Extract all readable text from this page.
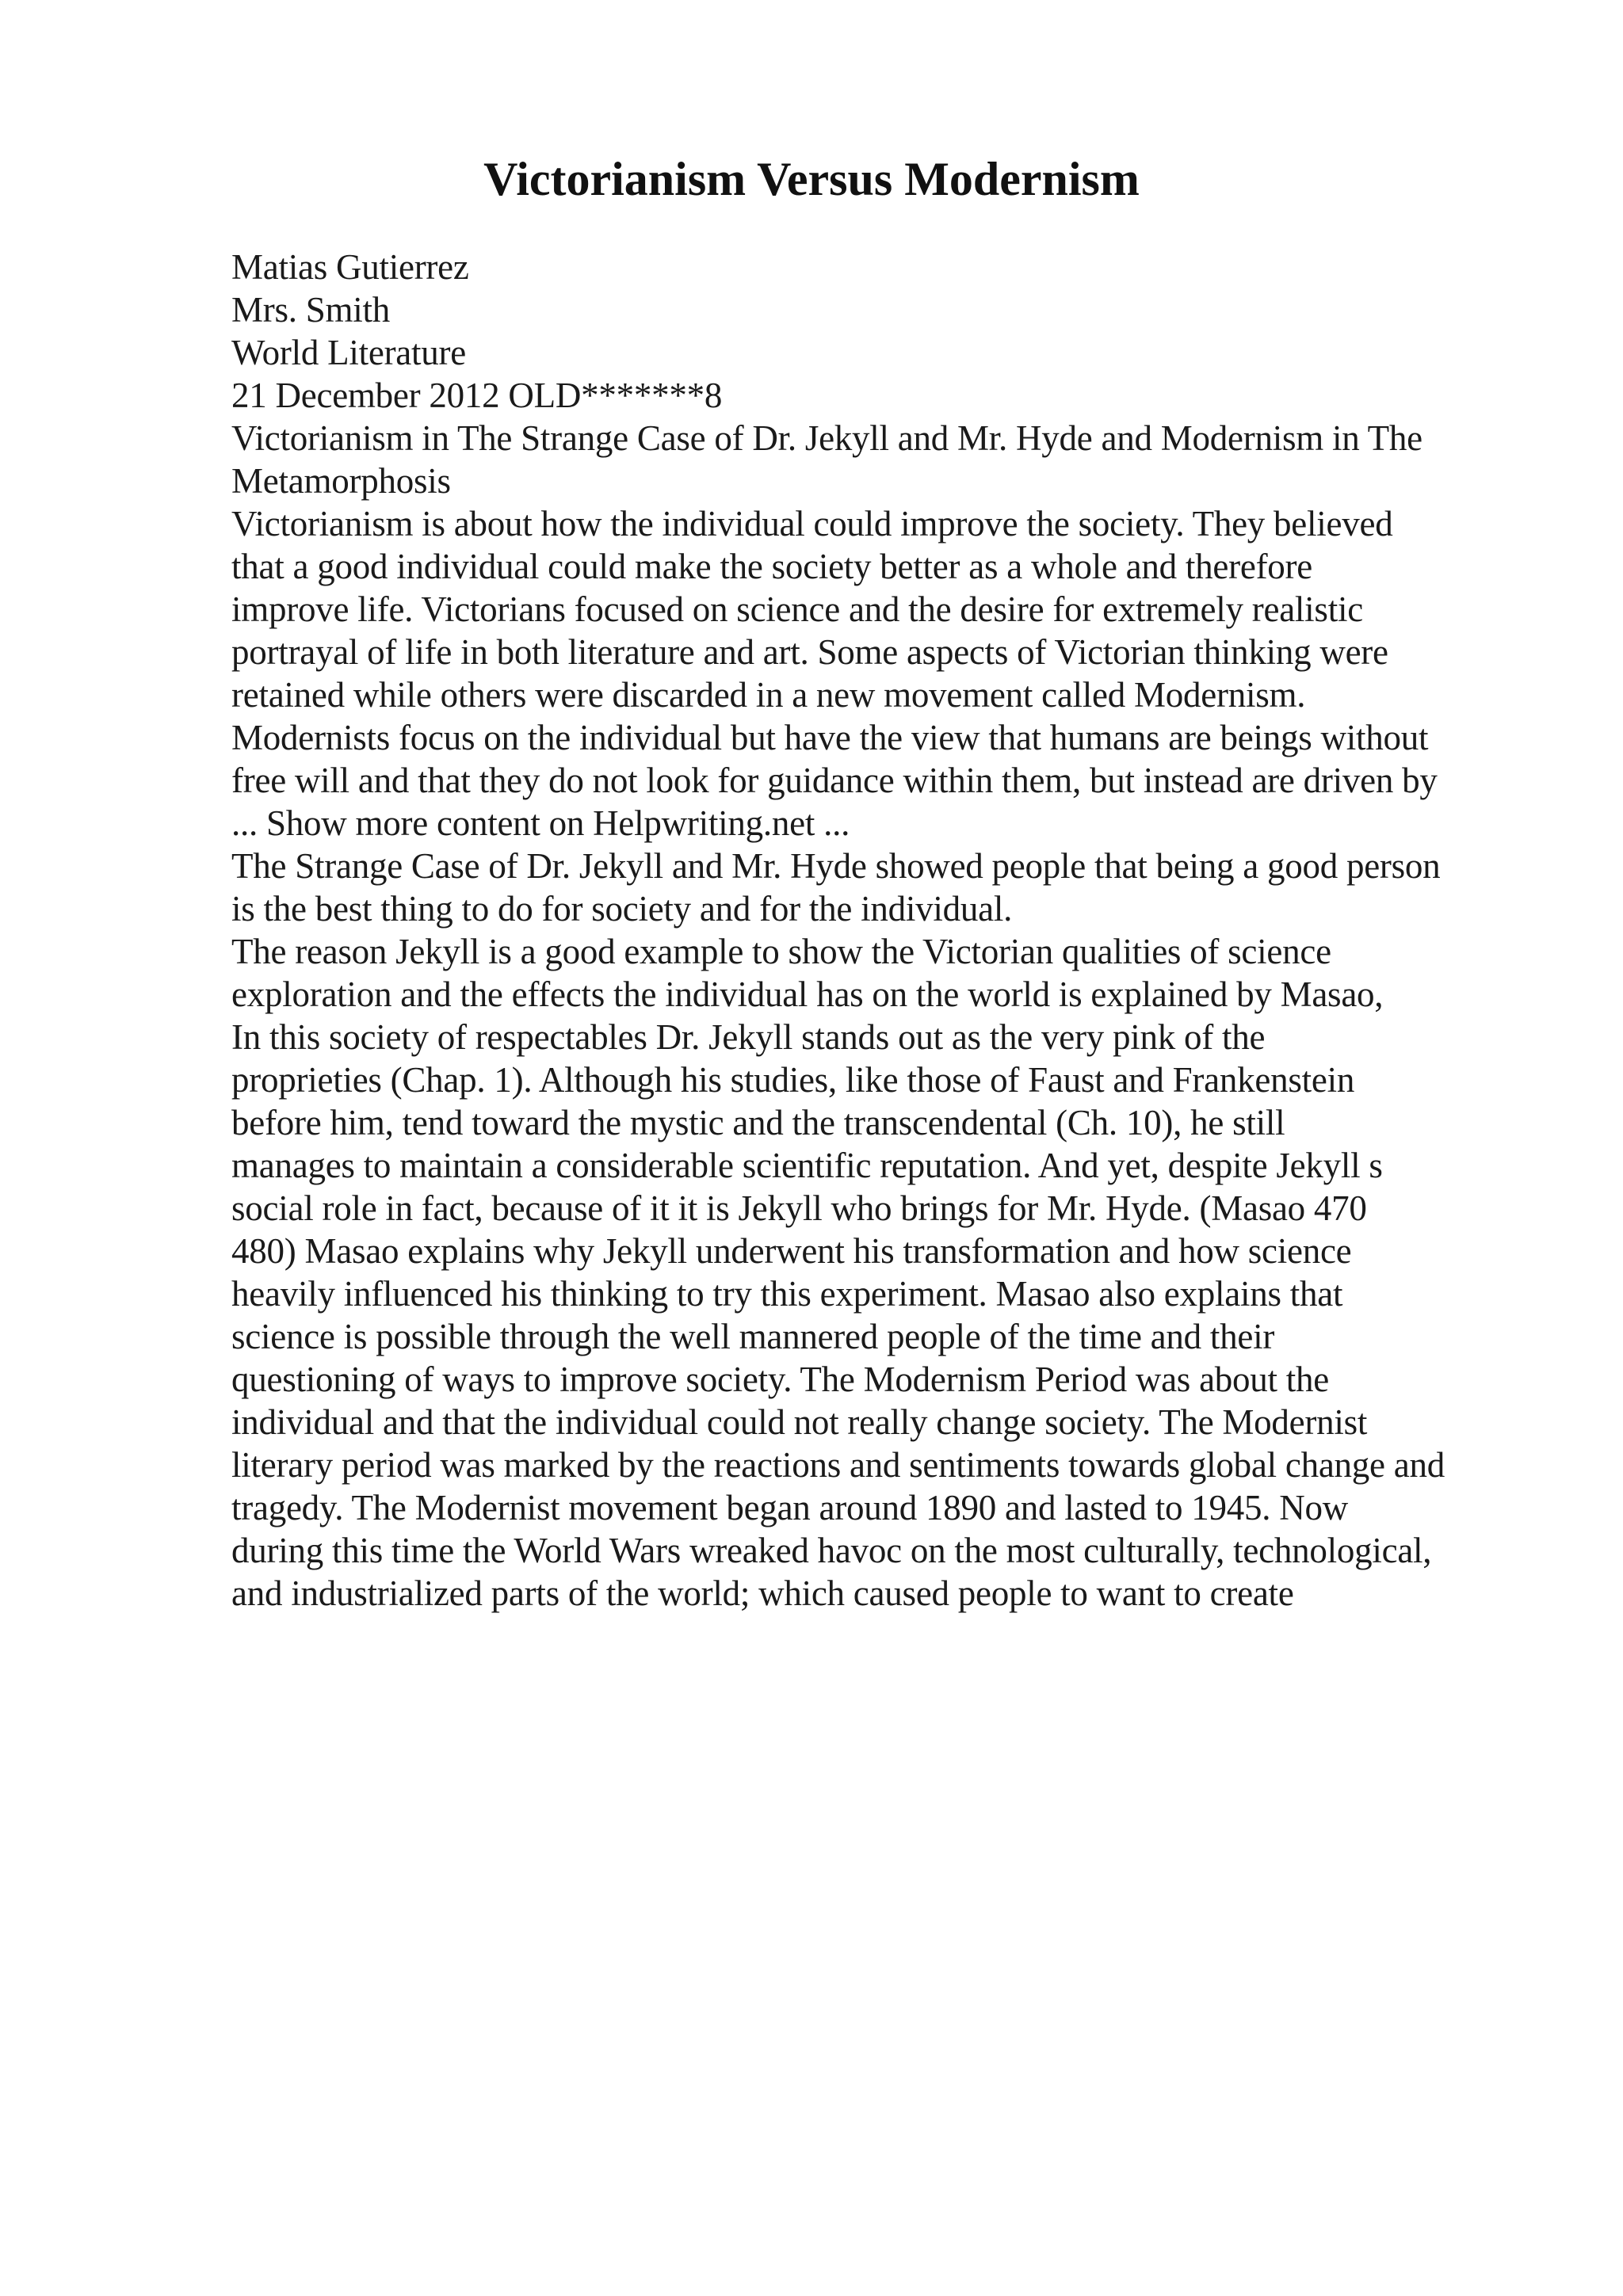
Victorianism Versus Modernism
Matias Gutierrez
Mrs. Smith
World Literature
21 December 2012 OLD*******8
Victorianism in The Strange Case of Dr. Jekyll and Mr. Hyde and Modernism in The
Metamorphosis
Victorianism is about how the individual could improve the society. They believed
that a good individual could make the society better as a whole and therefore
improve life. Victorians focused on science and the desire for extremely realistic
portrayal of life in both literature and art. Some aspects of Victorian thinking were
retained while others were discarded in a new movement called Modernism.
Modernists focus on the individual but have the view that humans are beings without
free will and that they do not look for guidance within them, but instead are driven by
... Show more content on Helpwriting.net ...
The Strange Case of Dr. Jekyll and Mr. Hyde showed people that being a good person
is the best thing to do for society and for the individual.
The reason Jekyll is a good example to show the Victorian qualities of science
exploration and the effects the individual has on the world is explained by Masao,
In this society of respectables Dr. Jekyll stands out as the very pink of the
proprieties (Chap. 1). Although his studies, like those of Faust and Frankenstein
before him, tend toward the mystic and the transcendental (Ch. 10), he still
manages to maintain a considerable scientific reputation. And yet, despite Jekyll s
social role in fact, because of it it is Jekyll who brings for Mr. Hyde. (Masao 470
480) Masao explains why Jekyll underwent his transformation and how science
heavily influenced his thinking to try this experiment. Masao also explains that
science is possible through the well mannered people of the time and their
questioning of ways to improve society. The Modernism Period was about the
individual and that the individual could not really change society. The Modernist
literary period was marked by the reactions and sentiments towards global change and
tragedy. The Modernist movement began around 1890 and lasted to 1945. Now
during this time the World Wars wreaked havoc on the most culturally, technological,
and industrialized parts of the world; which caused people to want to create
